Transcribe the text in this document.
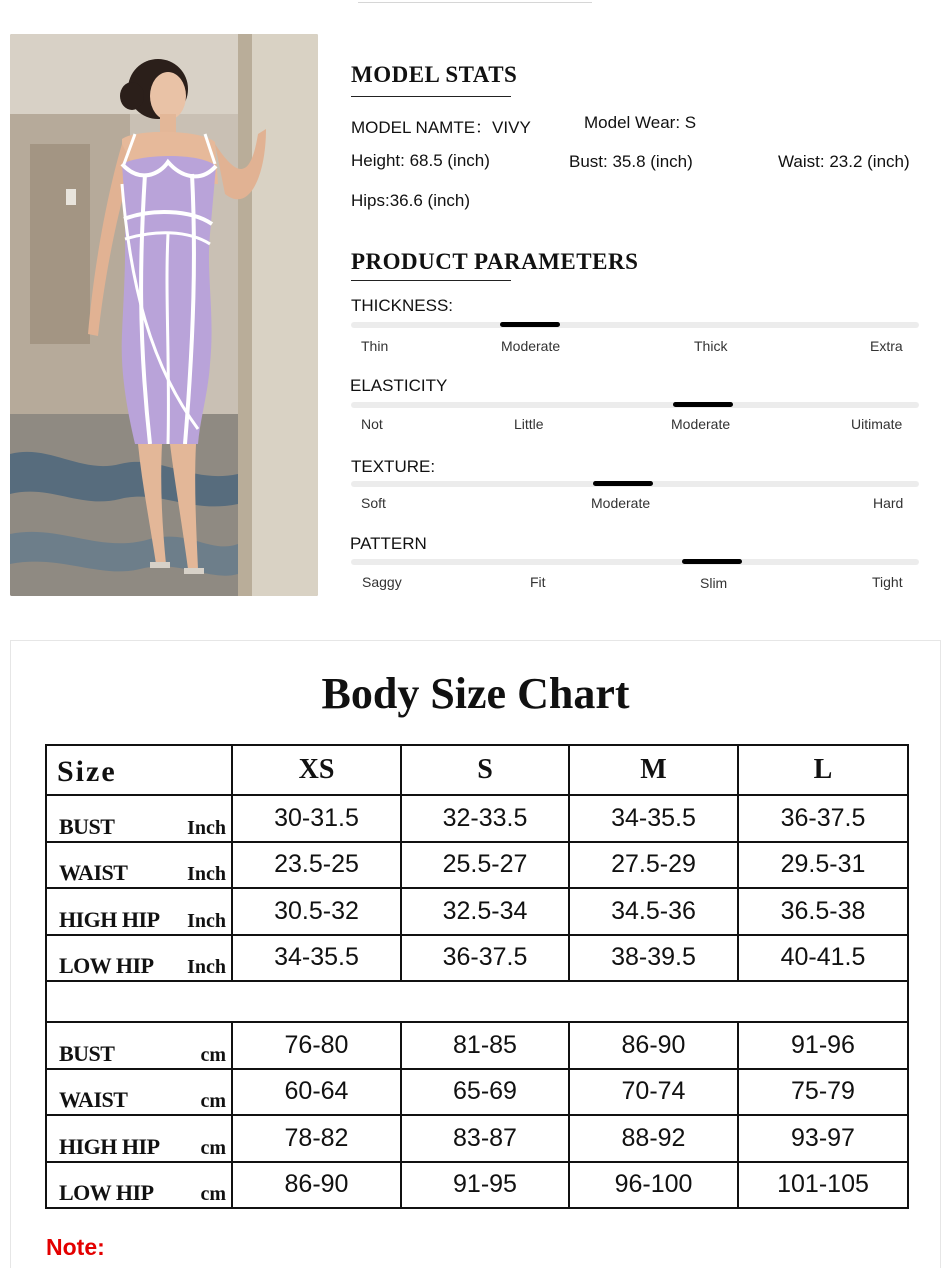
MODEL STATS
MODEL NAMTE：VIVY	Model Wear: S
Height: 68.5 (inch)	Bust: 35.8 (inch)	Waist: 23.2 (inch)
Hips:36.6 (inch)
PRODUCT PARAMETERS
THICKNESS:
Thin	Moderate	Thick	Extra
ELASTICITY
Not	Little	Moderate	Uitimate
TEXTURE:
Soft	Moderate	Hard
PATTERN
Saggy	Fit	Slim	Tight
Body Size Chart
Size	XS	S	M	L

BUST Inch	30-31.5	32-33.5	34-35.5	36-37.5

WAIST Inch	23.5-25	25.5-27	27.5-29	29.5-31

HIGH HIP Inch	30.5-32	32.5-34	34.5-36	36.5-38

LOW HIP Inch	34-35.5	36-37.5	38-39.5	40-41.5

BUST cm	76-80	81-85	86-90	91-96

WAIST cm	60-64	65-69	70-74	75-79

HIGH HIP cm	78-82	83-87	88-92	93-97

LOW HIP cm	86-90	91-95	96-100	101-105
Note:
